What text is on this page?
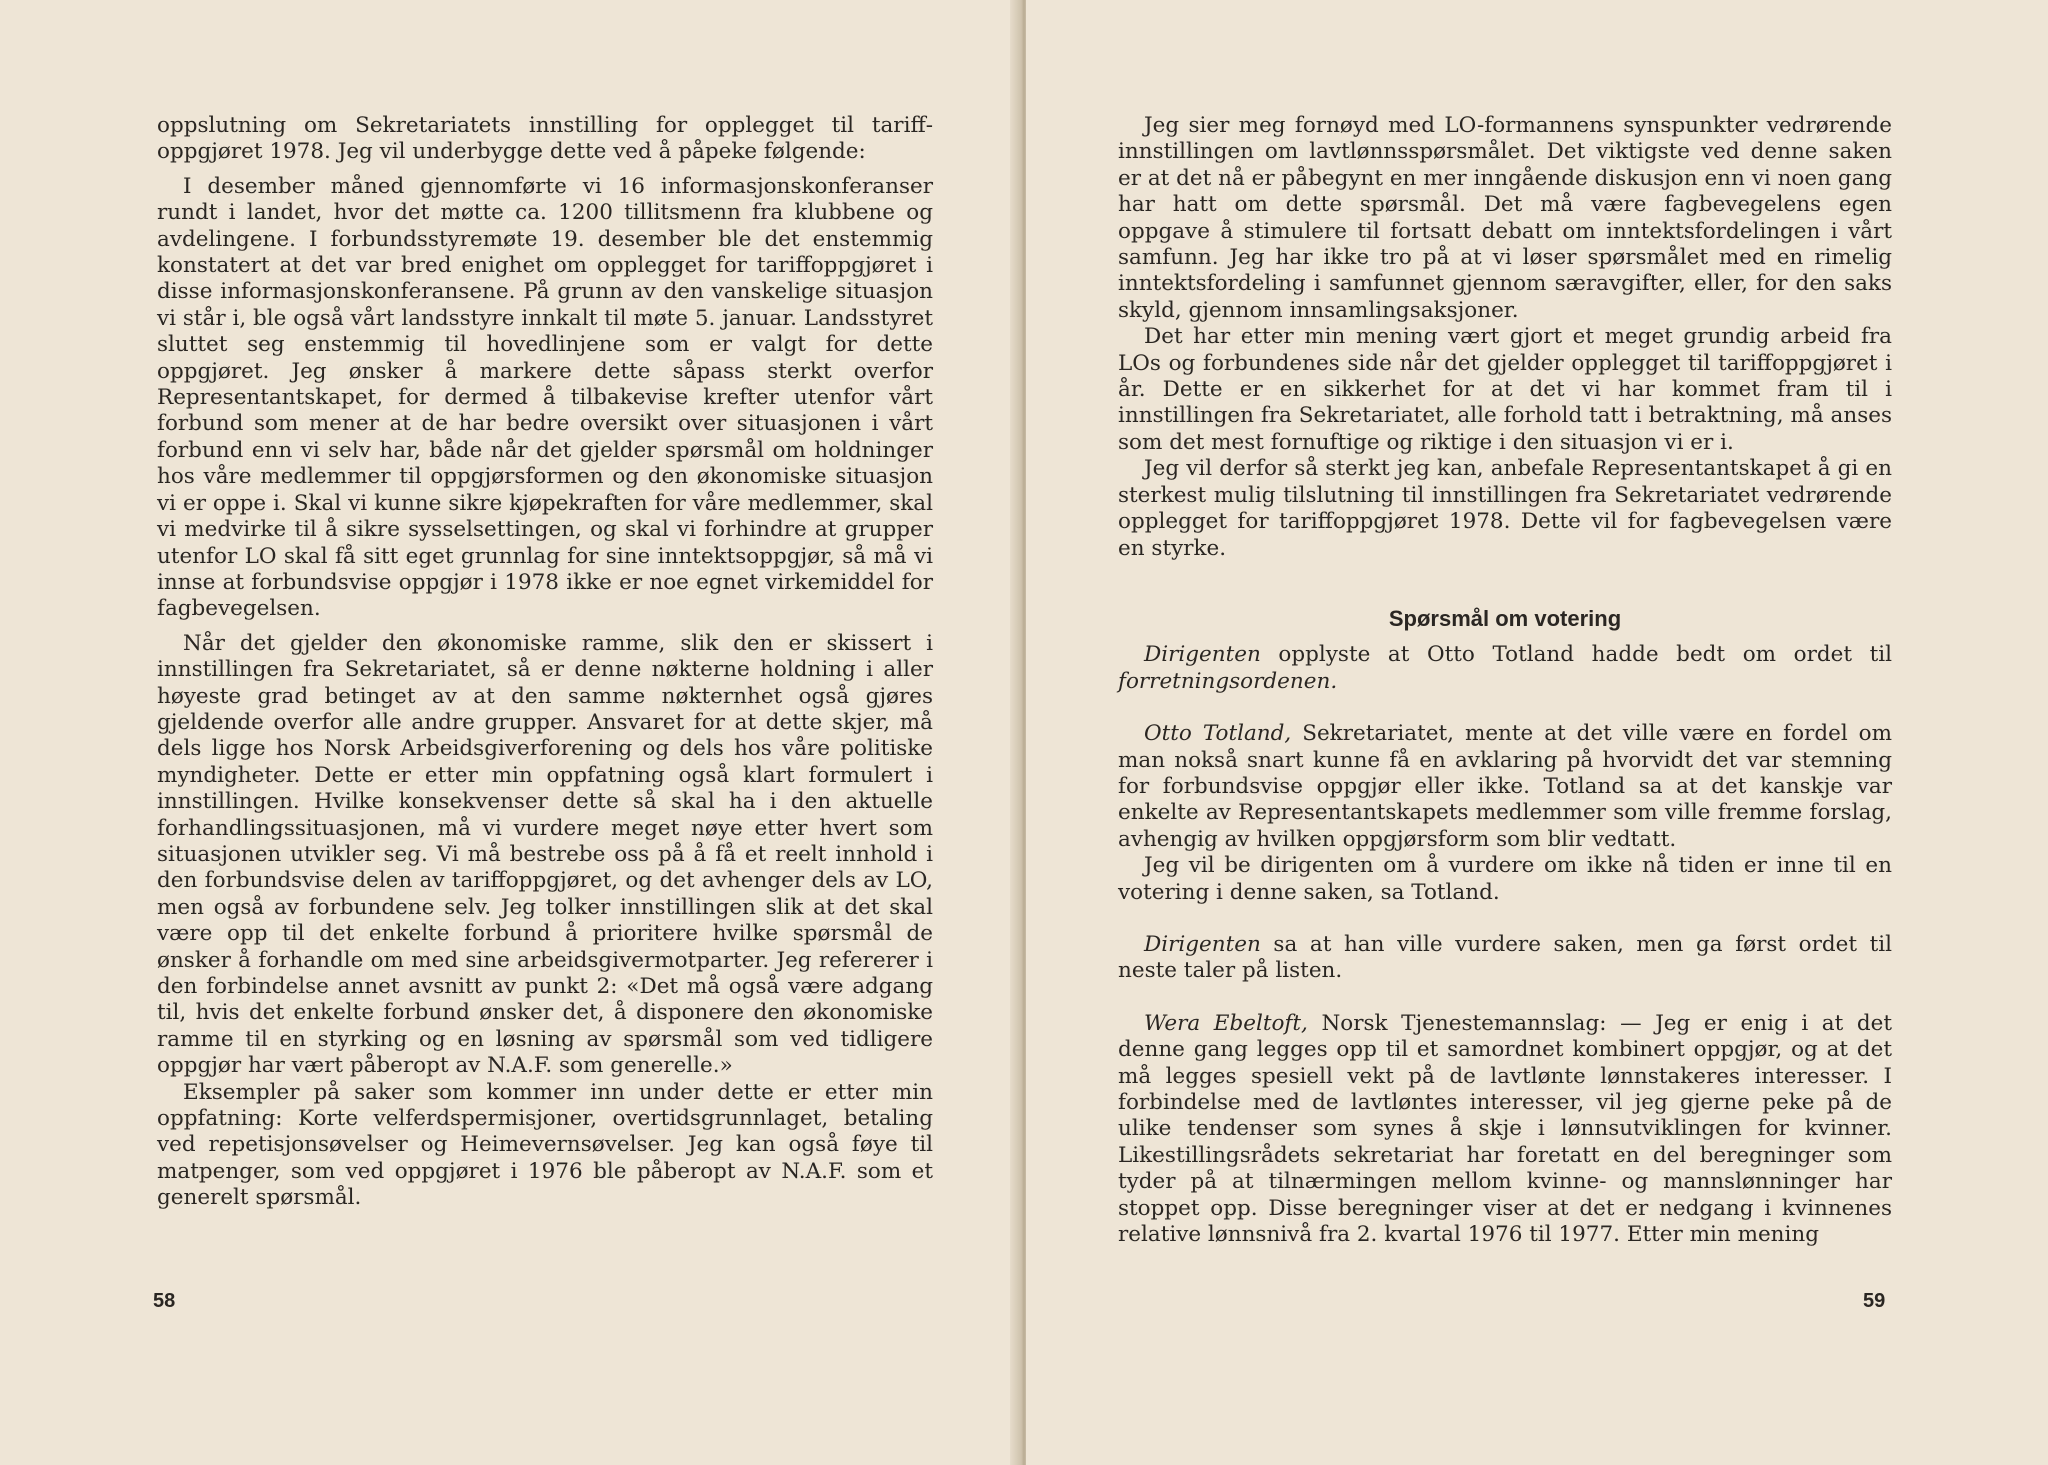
oppslutning om Sekretariatets innstilling for opplegget til tariffoppgjøret 1978. Jeg vil underbygge dette ved å påpeke følgende:

I desember måned gjennomførte vi 16 informasjonskonferanser rundt i landet, hvor det møtte ca. 1200 tillitsmenn fra klubbene og avdelingene. I forbundsstyremøte 19. desember ble det enstemmig konstatert at det var bred enighet om opplegget for tariffoppgjøret i disse informasjonskonferansene. På grunn av den vanskelige situasjon vi står i, ble også vårt landsstyre innkalt til møte 5. januar. Landsstyret sluttet seg enstemmig til hovedlinjene som er valgt for dette oppgjøret. Jeg ønsker å markere dette såpass sterkt overfor Representantskapet, for dermed å tilbakevise krefter utenfor vårt forbund som mener at de har bedre oversikt over situasjonen i vårt forbund enn vi selv har, både når det gjelder spørsmål om holdninger hos våre medlemmer til oppgjørsformen og den økonomiske situasjon vi er oppe i. Skal vi kunne sikre kjøpekraften for våre medlemmer, skal vi medvirke til å sikre sysselsettingen, og skal vi forhindre at grupper utenfor LO skal få sitt eget grunnlag for sine inntektsoppgjør, så må vi innse at forbundsvise oppgjør i 1978 ikke er noe egnet virkemiddel for fagbevegelsen.

Når det gjelder den økonomiske ramme, slik den er skissert i innstillingen fra Sekretariatet, så er denne nøkterne holdning i aller høyeste grad betinget av at den samme nøkternhet også gjøres gjeldende overfor alle andre grupper. Ansvaret for at dette skjer, må dels ligge hos Norsk Arbeidsgiverforening og dels hos våre politiske myndigheter. Dette er etter min oppfatning også klart formulert i innstillingen. Hvilke konsekvenser dette så skal ha i den aktuelle forhandlingssituasjonen, må vi vurdere meget nøye etter hvert som situasjonen utvikler seg. Vi må bestrebe oss på å få et reelt innhold i den forbundsvise delen av tariffoppgjøret, og det avhenger dels av LO, men også av forbundene selv. Jeg tolker innstillingen slik at det skal være opp til det enkelte forbund å prioritere hvilke spørsmål de ønsker å forhandle om med sine arbeidsgivermotparter. Jeg refererer i den forbindelse annet avsnitt av punkt 2: «Det må også være adgang til, hvis det enkelte forbund ønsker det, å disponere den økonomiske ramme til en styrking og en løsning av spørsmål som ved tidligere oppgjør har vært påberopt av N.A.F. som generelle.»

Eksempler på saker som kommer inn under dette er etter min oppfatning: Korte velferdspermisjoner, overtidsgrunnlaget, betaling ved repetisjonsøvelser og Heimevernsøvelser. Jeg kan også føye til matpenger, som ved oppgjøret i 1976 ble påberopt av N.A.F. som et generelt spørsmål.

58

Jeg sier meg fornøyd med LO-formannens synspunkter vedrørende innstillingen om lavtlønnsspørsmålet. Det viktigste ved denne saken er at det nå er påbegynt en mer inngående diskusjon enn vi noen gang har hatt om dette spørsmål. Det må være fagbevegelens egen oppgave å stimulere til fortsatt debatt om inntektsfordelingen i vårt samfunn. Jeg har ikke tro på at vi løser spørsmålet med en rimelig inntektsfordeling i samfunnet gjennom særavgifter, eller, for den saks skyld, gjennom innsamlingsaksjoner.

Det har etter min mening vært gjort et meget grundig arbeid fra LOs og forbundenes side når det gjelder opplegget til tariffoppgjøret i år. Dette er en sikkerhet for at det vi har kommet fram til i innstillingen fra Sekretariatet, alle forhold tatt i betraktning, må anses som det mest fornuftige og riktige i den situasjon vi er i.

Jeg vil derfor så sterkt jeg kan, anbefale Representantskapet å gi en sterkest mulig tilslutning til innstillingen fra Sekretariatet vedrørende opplegget for tariffoppgjøret 1978. Dette vil for fagbevegelsen være en styrke.

Spørsmål om votering

Dirigenten opplyste at Otto Totland hadde bedt om ordet til forretningsordenen.

Otto Totland, Sekretariatet, mente at det ville være en fordel om man nokså snart kunne få en avklaring på hvorvidt det var stemning for forbundsvise oppgjør eller ikke. Totland sa at det kanskje var enkelte av Representantskapets medlemmer som ville fremme forslag, avhengig av hvilken oppgjørsform som blir vedtatt.

Jeg vil be dirigenten om å vurdere om ikke nå tiden er inne til en votering i denne saken, sa Totland.

Dirigenten sa at han ville vurdere saken, men ga først ordet til neste taler på listen.

Wera Ebeltoft, Norsk Tjenestemannslag: — Jeg er enig i at det denne gang legges opp til et samordnet kombinert oppgjør, og at det må legges spesiell vekt på de lavtlønte lønnstakeres interesser. I forbindelse med de lavtløntes interesser, vil jeg gjerne peke på de ulike tendenser som synes å skje i lønnsutviklingen for kvinner. Likestillingsrådets sekretariat har foretatt en del beregninger som tyder på at tilnærmingen mellom kvinne- og mannslønninger har stoppet opp. Disse beregninger viser at det er nedgang i kvinnenes relative lønnsnivå fra 2. kvartal 1976 til 1977. Etter min mening

59
